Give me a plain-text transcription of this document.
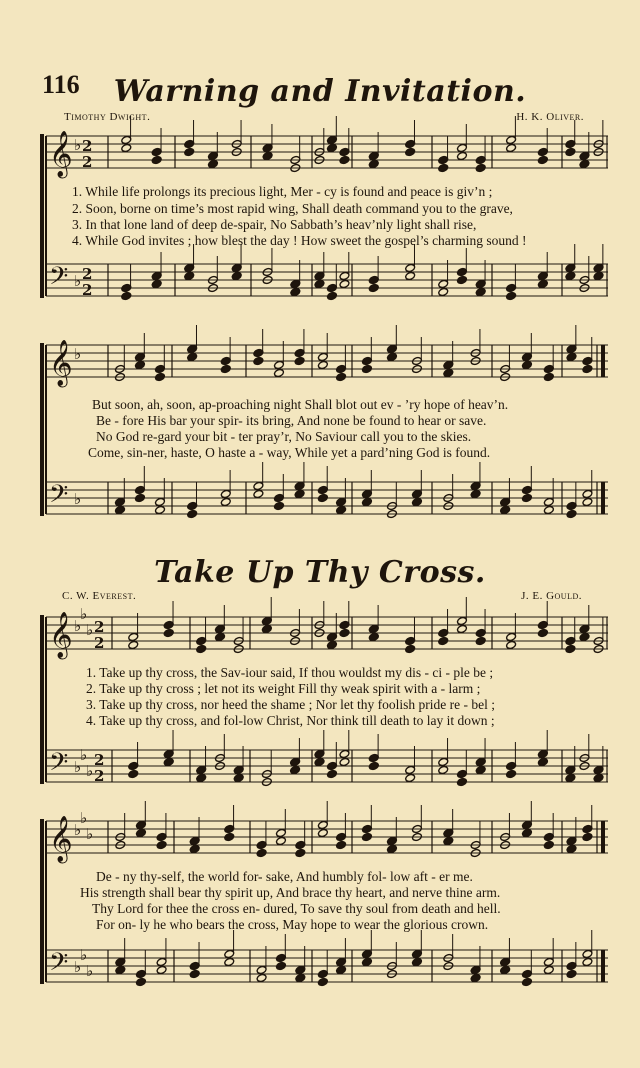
116	Warning and Invitation.
Timothy Dwight.	H. K. Oliver.
1. While life prolongs its precious light, Mer - cy is found and peace is giv’n ;
2. Soon, borne on time’s most rapid wing, Shall death command you to the grave,
3. In that lone land of deep de-spair, No Sabbath’s heav’nly light shall rise,
4. While God invites ; how blest the day ! How sweet the gospel’s charming sound !
But soon, ah, soon, ap-proaching night Shall blot out ev - ’ry hope of heav’n.
Be - fore His bar your spir- its bring, And none be found to hear or save.
No God re-gard your bit - ter pray’r, No Saviour call you to the skies.
Come, sin-ner, haste, O haste a - way, While yet a pard’ning God is found.
Take Up Thy Cross.
C. W. Everest.	J. E. Gould.
1. Take up thy cross, the Sav-iour said, If thou wouldst my dis - ci - ple be ;
2. Take up thy cross ; let not its weight Fill thy weak spirit with a - larm ;
3. Take up thy cross, nor heed the shame ; Nor let thy foolish pride re - bel ;
4. Take up thy cross, and fol-low Christ, Nor think till death to lay it down ;
De - ny thy-self, the world for- sake, And humbly fol- low aft - er me.
His strength shall bear thy spirit up, And brace thy heart, and nerve thine arm.
Thy Lord for thee the cross en- dured, To save thy soul from death and hell.
For on- ly he who bears the cross, May hope to wear the glorious crown.
𝄞 ♭ 2
2
𝄢 ♭ 2
2
𝄞 ♭
𝄢 ♭
𝄞 ♭
♭
♭ 2
2
𝄢 ♭
♭
♭
2
2
𝄞 ♭
♭
♭
𝄢 ♭
♭
♭
